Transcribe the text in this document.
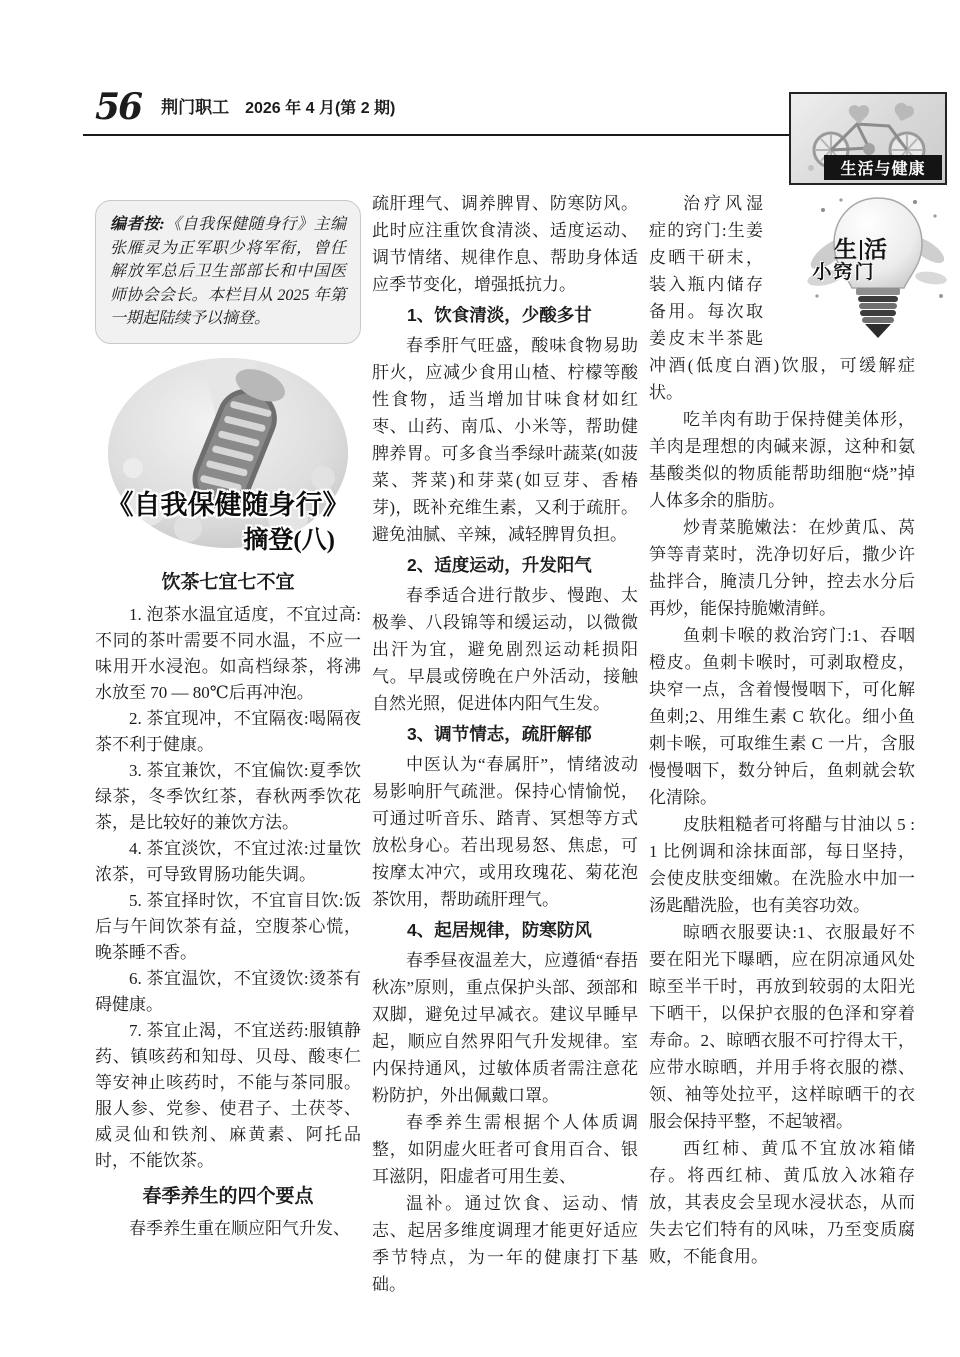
56 荆门职工 2026 年 4 月(第 2 期)
生活与健康
编者按:《自我保健随身行》主编张雁灵为正军职少将军衔，曾任解放军总后卫生部部长和中国医师协会会长。本栏目从 2025 年第一期起陆续予以摘登。
《自我保健随身行》
摘登(八)
饮茶七宜七不宜

1. 泡茶水温宜适度，不宜过高:不同的茶叶需要不同水温，不应一味用开水浸泡。如高档绿茶，将沸水放至 70 — 80℃后再冲泡。

2. 茶宜现冲，不宜隔夜:喝隔夜茶不利于健康。

3. 茶宜兼饮，不宜偏饮:夏季饮绿茶，冬季饮红茶，春秋两季饮花茶，是比较好的兼饮方法。

4. 茶宜淡饮，不宜过浓:过量饮浓茶，可导致胃肠功能失调。

5. 茶宜择时饮，不宜盲目饮:饭后与午间饮茶有益，空腹茶心慌，晚茶睡不香。

6. 茶宜温饮，不宜烫饮:烫茶有碍健康。

7. 茶宜止渴，不宜送药:服镇静药、镇咳药和知母、贝母、酸枣仁等安神止咳药时，不能与茶同服。服人参、党参、使君子、土茯苓、威灵仙和铁剂、麻黄素、阿托品时，不能饮茶。

春季养生的四个要点

春季养生重在顺应阳气升发、

疏肝理气、调养脾胃、防寒防风。此时应注重饮食清淡、适度运动、调节情绪、规律作息、帮助身体适应季节变化，增强抵抗力。

1、饮食清淡，少酸多甘

春季肝气旺盛，酸味食物易助肝火，应减少食用山楂、柠檬等酸性食物，适当增加甘味食材如红枣、山药、南瓜、小米等，帮助健脾养胃。可多食当季绿叶蔬菜(如菠菜、荠菜)和芽菜(如豆芽、香椿芽)，既补充维生素，又利于疏肝。避免油腻、辛辣，减轻脾胃负担。

2、适度运动，升发阳气

春季适合进行散步、慢跑、太极拳、八段锦等和缓运动，以微微出汗为宜，避免剧烈运动耗损阳气。早晨或傍晚在户外活动，接触自然光照，促进体内阳气生发。

3、调节情志，疏肝解郁

中医认为“春属肝”，情绪波动易影响肝气疏泄。保持心情愉悦，可通过听音乐、踏青、冥想等方式放松身心。若出现易怒、焦虑，可按摩太冲穴，或用玫瑰花、菊花泡茶饮用，帮助疏肝理气。

4、起居规律，防寒防风

春季昼夜温差大，应遵循“春捂秋冻”原则，重点保护头部、颈部和双脚，避免过早减衣。建议早睡早起，顺应自然界阳气升发规律。室内保持通风，过敏体质者需注意花粉防护，外出佩戴口罩。

春季养生需根据个人体质调整，如阴虚火旺者可食用百合、银耳滋阴，阳虚者可用生姜、

温补。通过饮食、运动、情志、起居多维度调理才能更好适应季节特点，为一年的健康打下基础。

生 活
小窍门
治疗风湿症的窍门:生姜皮晒干研末，装入瓶内储存备用。每次取姜皮末半茶匙冲酒(低度白酒)饮服，可缓解症状。

吃羊肉有助于保持健美体形，羊肉是理想的肉碱来源，这种和氨基酸类似的物质能帮助细胞“烧”掉人体多余的脂肪。

炒青菜脆嫩法：在炒黄瓜、莴笋等青菜时，洗净切好后，撒少许盐拌合，腌渍几分钟，控去水分后再炒，能保持脆嫩清鲜。

鱼刺卡喉的救治窍门:1、吞咽橙皮。鱼刺卡喉时，可剥取橙皮，块窄一点，含着慢慢咽下，可化解鱼刺;2、用维生素 C 软化。细小鱼刺卡喉，可取维生素 C 一片，含服慢慢咽下，数分钟后，鱼刺就会软化清除。

皮肤粗糙者可将醋与甘油以 5 : 1 比例调和涂抹面部，每日坚持，会使皮肤变细嫩。在洗脸水中加一汤匙醋洗脸，也有美容功效。

晾晒衣服要诀:1、衣服最好不要在阳光下曝晒，应在阴凉通风处晾至半干时，再放到较弱的太阳光下晒干，以保护衣服的色泽和穿着寿命。2、晾晒衣服不可拧得太干，应带水晾晒，并用手将衣服的襟、领、袖等处拉平，这样晾晒干的衣服会保持平整，不起皱褶。

西红柿、黄瓜不宜放冰箱储存。将西红柿、黄瓜放入冰箱存放，其表皮会呈现水浸状态，从而失去它们特有的风味，乃至变质腐败，不能食用。
